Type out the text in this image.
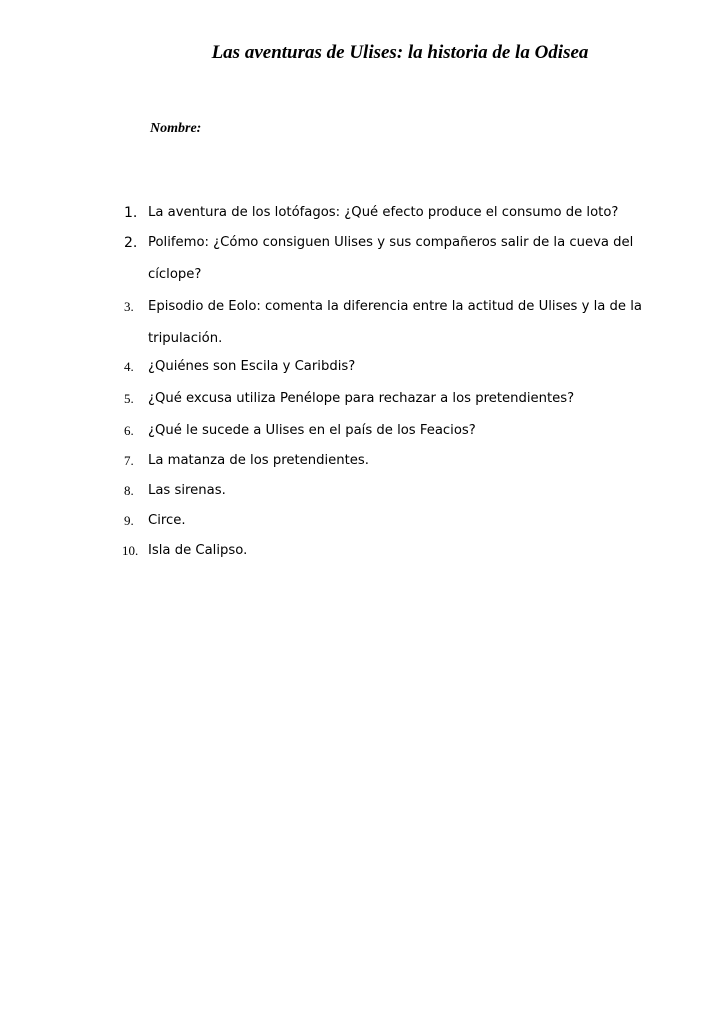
Las aventuras de Ulises: la historia de la Odisea

Nombre:

1. La aventura de los lotófagos: ¿Qué efecto produce el consumo de loto?
2. Polifemo: ¿Cómo consiguen Ulises y sus compañeros salir de la cueva del
cíclope?
3. Episodio de Eolo: comenta la diferencia entre la actitud de Ulises y la de la
tripulación.
4. ¿Quiénes son Escila y Caribdis?
5. ¿Qué excusa utiliza Penélope para rechazar a los pretendientes?
6. ¿Qué le sucede a Ulises en el país de los Feacios?
7. La matanza de los pretendientes.
8. Las sirenas.
9. Circe.
10. Isla de Calipso.
